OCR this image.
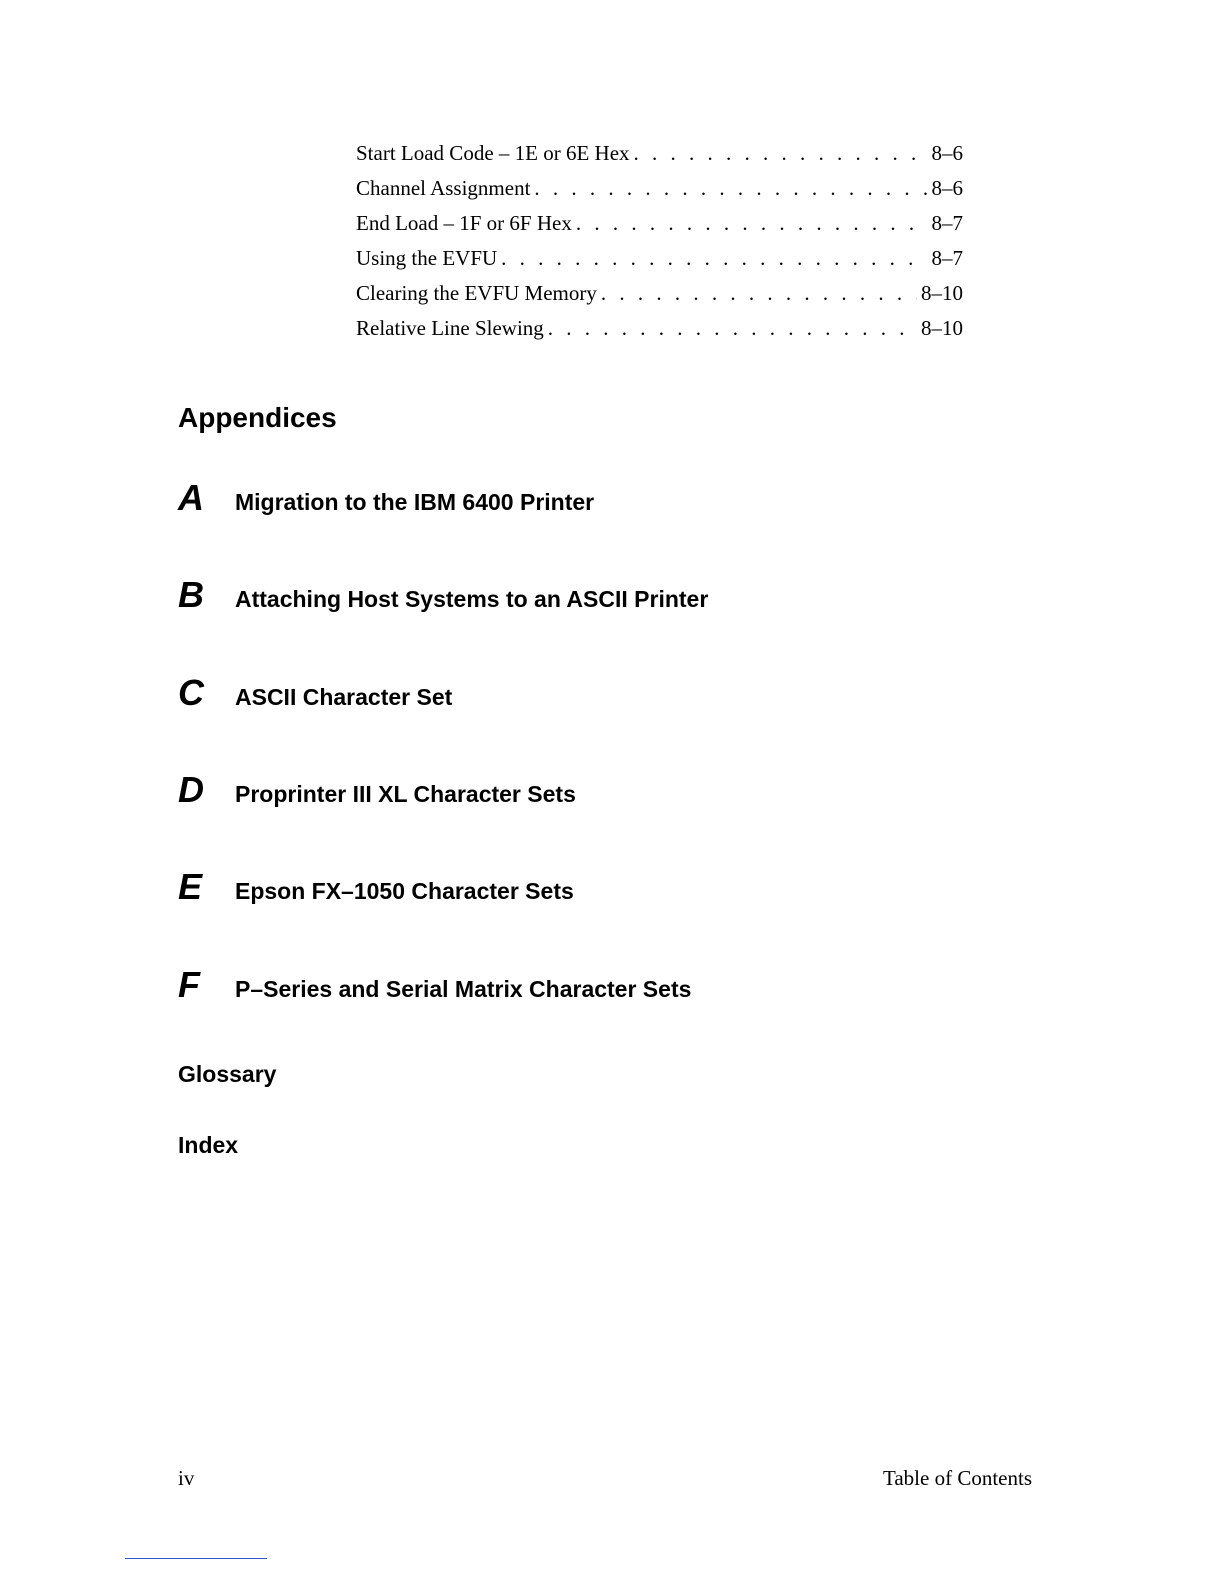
Start Load Code – 1E or 6E Hex . . .	8–6
Channel Assignment . . .	8–6
End Load – 1F or 6F Hex . . .	8–7
Using the EVFU . . .	8–7
Clearing the EVFU Memory . . .	8–10
Relative Line Slewing . . .	8–10
Appendices
A	Migration to the IBM 6400 Printer
B	Attaching Host Systems to an ASCII Printer
C	ASCII Character Set
D	Proprinter III XL Character Sets
E	Epson FX–1050 Character Sets
F	P–Series and Serial Matrix Character Sets

Glossary

Index

iv	Table of Contents
